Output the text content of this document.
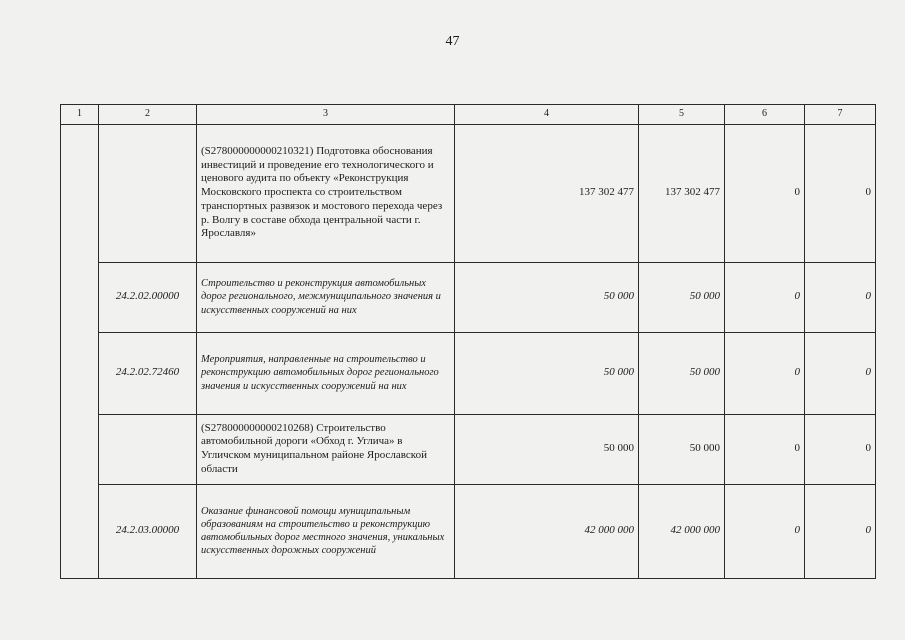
47
1	2	3	4	5	6	7
		(S278000000000210321) Подготовка обоснования инвестиций и проведение его технологического и ценового аудита по объекту «Реконструкция Московского проспекта со строительством транспортных развязок и мостового перехода через р. Волгу в составе обхода центральной части г. Ярославля»	137 302 477	137 302 477	0	0
	24.2.02.00000	Строительство и реконструкция автомобильных дорог регионального, межмуниципального значения и искусственных сооружений на них	50 000	50 000	0	0
	24.2.02.72460	Мероприятия, направленные на строительство и реконструкцию автомобильных дорог регионального значения и искусственных сооружений на них	50 000	50 000	0	0
		(S278000000000210268) Строительство автомобильной дороги «Обход г. Углича» в Угличском муниципальном районе Ярославской области	50 000	50 000	0	0
	24.2.03.00000	Оказание финансовой помощи муниципальным образованиям на строительство и реконструкцию автомобильных дорог местного значения, уникальных искусственных дорожных сооружений	42 000 000	42 000 000	0	0
